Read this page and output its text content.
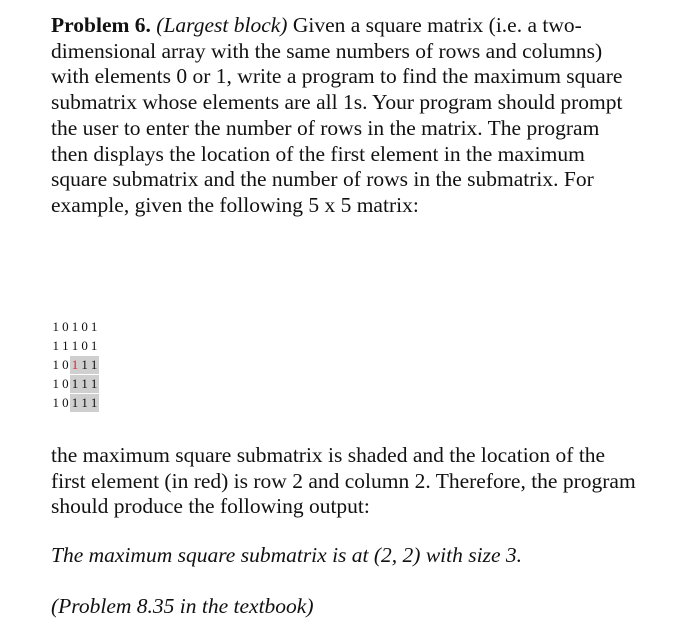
Problem 6. (Largest block) Given a square matrix (i.e. a two-dimensional array with the same numbers of rows and columns) with elements 0 or 1, write a program to find the maximum square submatrix whose elements are all 1s. Your program should prompt the user to enter the number of rows in the matrix. The program then displays the location of the first element in the maximum square submatrix and the number of rows in the submatrix. For example, given the following 5 x 5 matrix:

1 0 1 0 1
1 1 1 0 1
1 0 1 1 1
1 0 1 1 1
1 0 1 1 1

the maximum square submatrix is shaded and the location of the first element (in red) is row 2 and column 2. Therefore, the program should produce the following output:

The maximum square submatrix is at (2, 2) with size 3.

(Problem 8.35 in the textbook)
